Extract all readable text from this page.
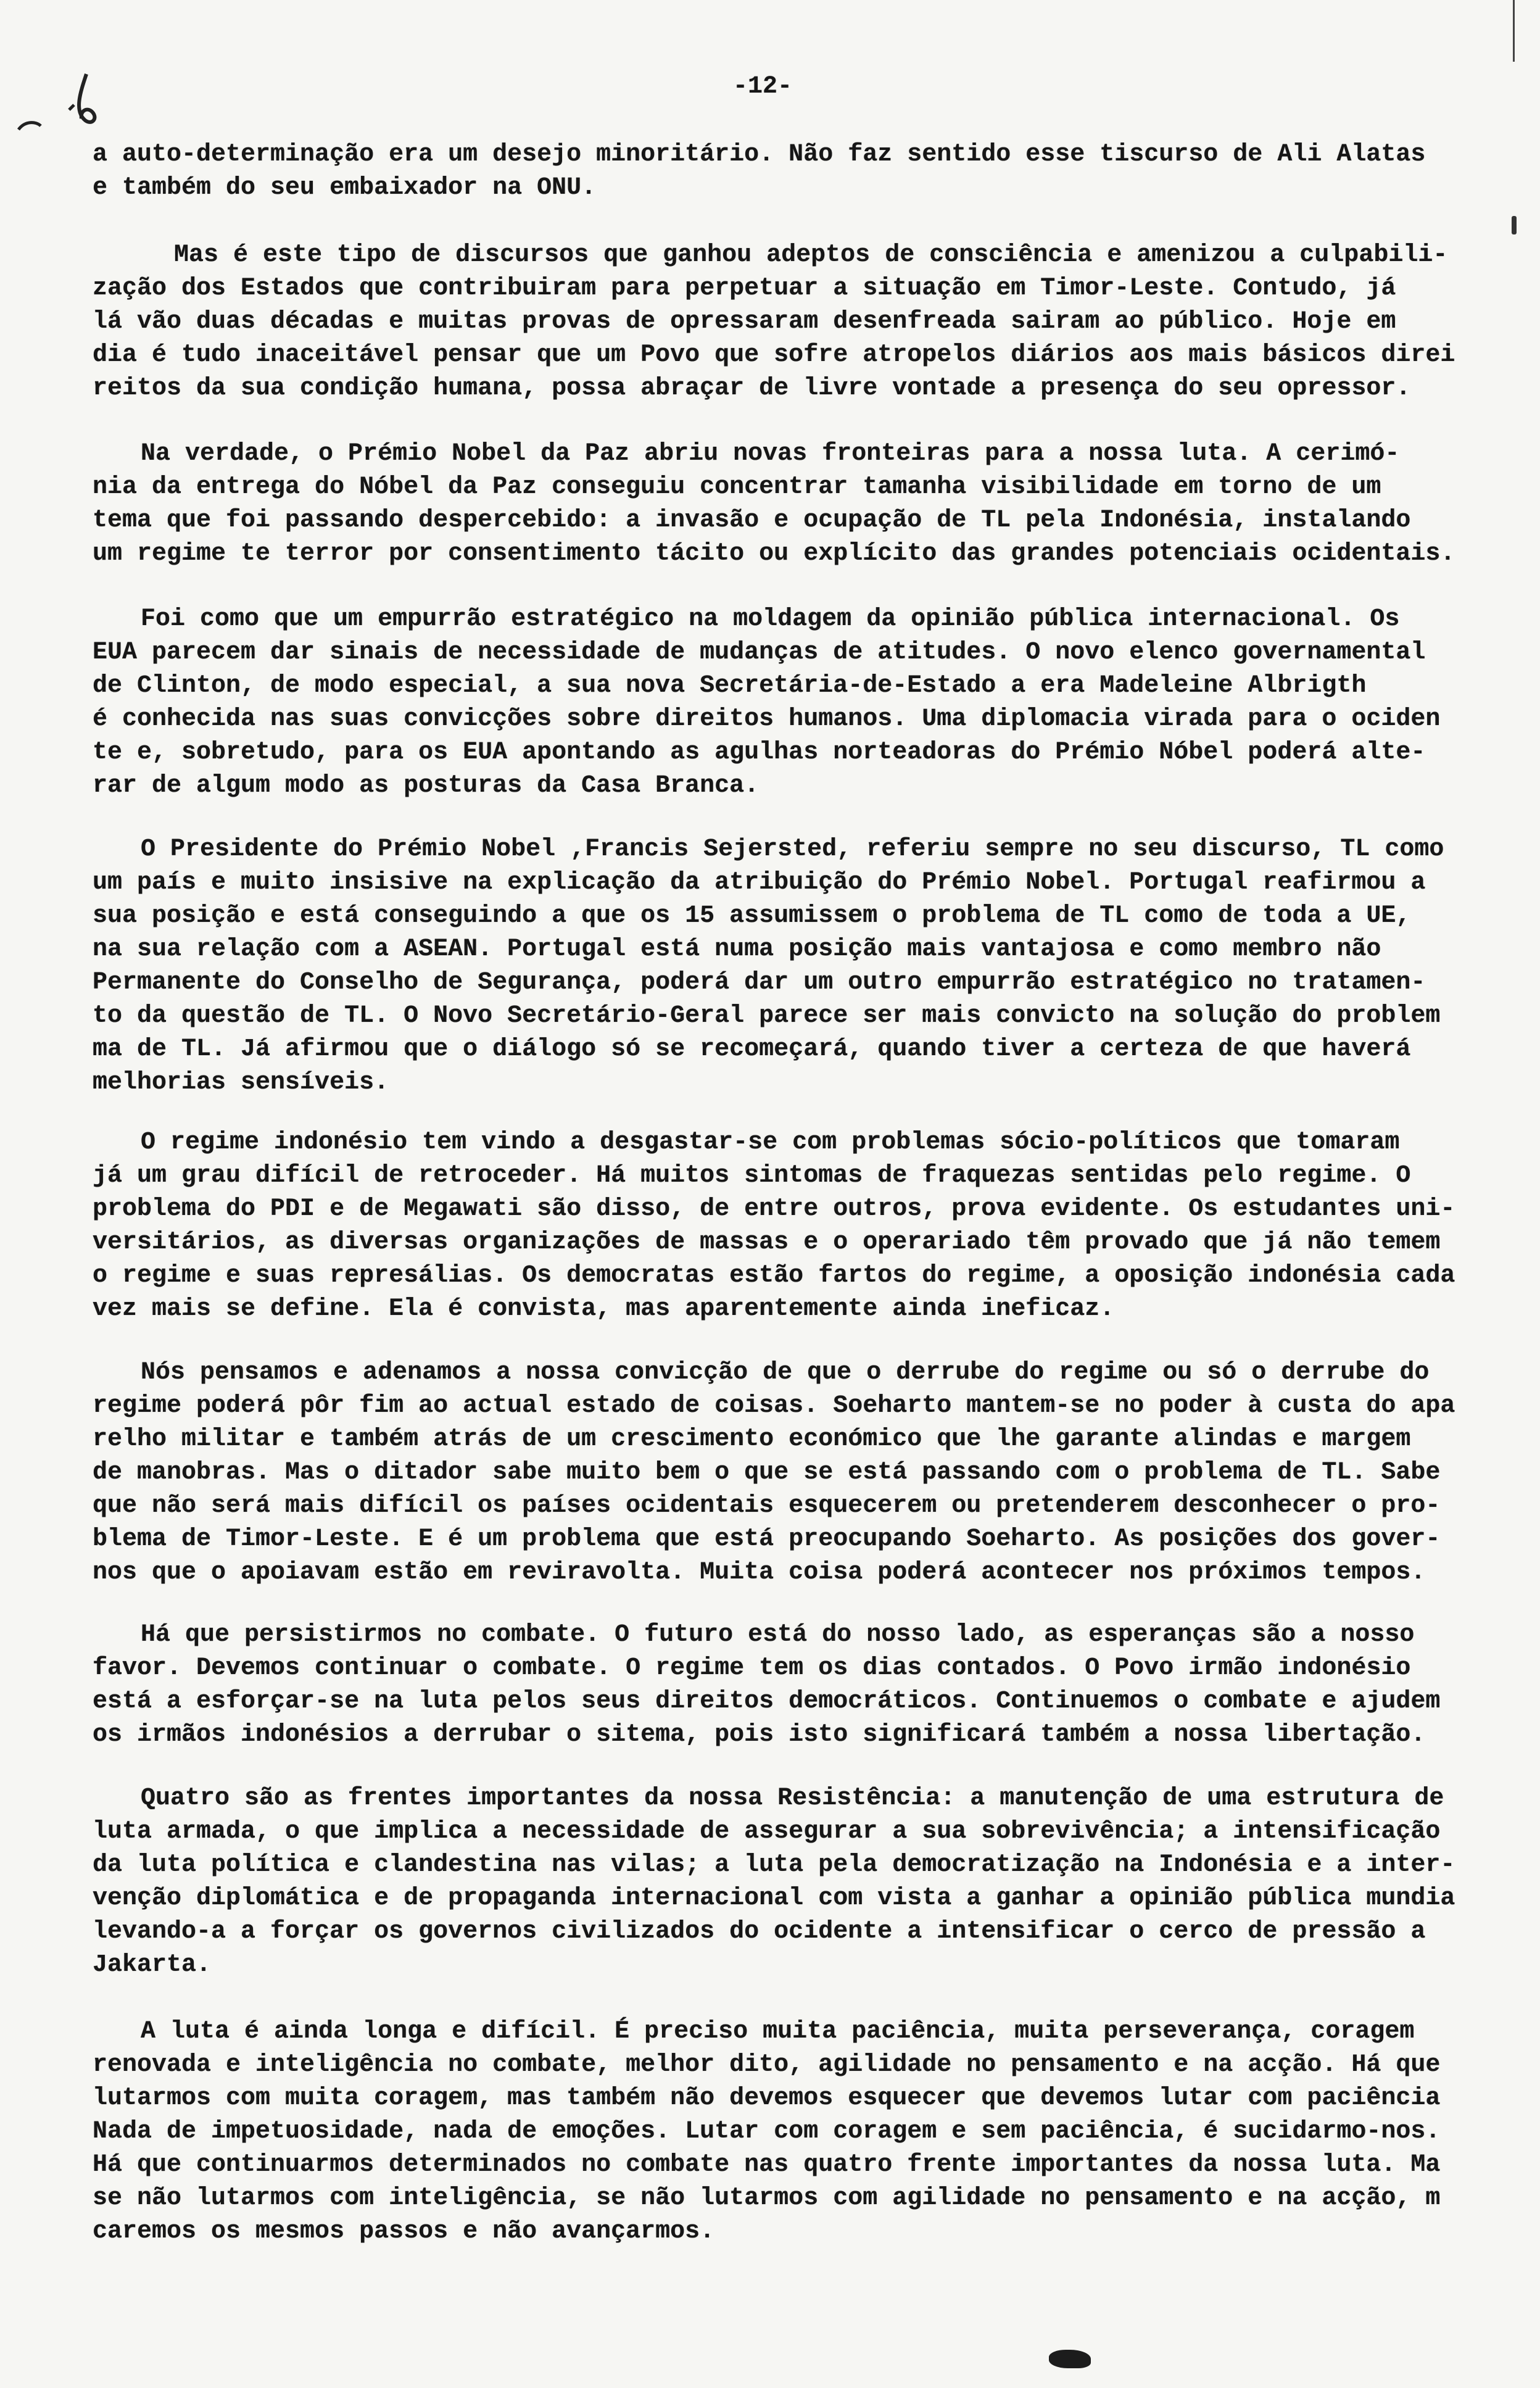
-12-
a auto-determinação era um desejo minoritário. Não faz sentido esse tiscurso de Ali Alatas
e também do seu embaixador na ONU.
Mas é este tipo de discursos que ganhou adeptos de consciência e amenizou a culpabili-
zação dos Estados que contribuiram para perpetuar a situação em Timor-Leste. Contudo, já
lá vão duas décadas e muitas provas de opressaram desenfreada sairam ao público. Hoje em
dia é tudo inaceitável pensar que um Povo que sofre atropelos diários aos mais básicos direi
reitos da sua condição humana, possa abraçar de livre vontade a presença do seu opressor.
Na verdade, o Prémio Nobel da Paz abriu novas fronteiras para a nossa luta. A cerimó-
nia da entrega do Nóbel da Paz conseguiu concentrar tamanha visibilidade em torno de um
tema que foi passando despercebido: a invasão e ocupação de TL pela Indonésia, instalando
um regime te terror por consentimento tácito ou explícito das grandes potenciais ocidentais.
Foi como que um empurrão estratégico na moldagem da opinião pública internacional. Os
EUA parecem dar sinais de necessidade de mudanças de atitudes. O novo elenco governamental
de Clinton, de modo especial, a sua nova Secretária-de-Estado a era Madeleine Albrigth
é conhecida nas suas convicções sobre direitos humanos. Uma diplomacia virada para o ociden
te e, sobretudo, para os EUA apontando as agulhas norteadoras do Prémio Nóbel poderá alte-
rar de algum modo as posturas da Casa Branca.
O Presidente do Prémio Nobel ,Francis Sejersted, referiu sempre no seu discurso, TL como
um país e muito insisive na explicação da atribuição do Prémio Nobel. Portugal reafirmou a
sua posição e está conseguindo a que os 15 assumissem o problema de TL como de toda a UE,
na sua relação com a ASEAN. Portugal está numa posição mais vantajosa e como membro não
Permanente do Conselho de Segurança, poderá dar um outro empurrão estratégico no tratamen-
to da questão de TL. O Novo Secretário-Geral parece ser mais convicto na solução do problem
ma de TL. Já afirmou que o diálogo só se recomeçará, quando tiver a certeza de que haverá
melhorias sensíveis.
O regime indonésio tem vindo a desgastar-se com problemas sócio-políticos que tomaram
já um grau difícil de retroceder. Há muitos sintomas de fraquezas sentidas pelo regime. O
problema do PDI e de Megawati são disso, de entre outros, prova evidente. Os estudantes uni-
versitários, as diversas organizações de massas e o operariado têm provado que já não temem
o regime e suas represálias. Os democratas estão fartos do regime, a oposição indonésia cada
vez mais se define. Ela é convista, mas aparentemente ainda ineficaz.
Nós pensamos e adenamos a nossa convicção de que o derrube do regime ou só o derrube do
regime poderá pôr fim ao actual estado de coisas. Soeharto mantem-se no poder à custa do apa
relho militar e também atrás de um crescimento económico que lhe garante alindas e margem
de manobras. Mas o ditador sabe muito bem o que se está passando com o problema de TL. Sabe
que não será mais difícil os países ocidentais esquecerem ou pretenderem desconhecer o pro-
blema de Timor-Leste. E é um problema que está preocupando Soeharto. As posições dos gover-
nos que o apoiavam estão em reviravolta. Muita coisa poderá acontecer nos próximos tempos.
Há que persistirmos no combate. O futuro está do nosso lado, as esperanças são a nosso
favor. Devemos continuar o combate. O regime tem os dias contados. O Povo irmão indonésio
está a esforçar-se na luta pelos seus direitos democráticos. Continuemos o combate e ajudem
os irmãos indonésios a derrubar o sitema, pois isto significará também a nossa libertação.
Quatro são as frentes importantes da nossa Resistência: a manutenção de uma estrutura de
luta armada, o que implica a necessidade de assegurar a sua sobrevivência; a intensificação
da luta política e clandestina nas vilas; a luta pela democratização na Indonésia e a inter-
venção diplomática e de propaganda internacional com vista a ganhar a opinião pública mundia
levando-a a forçar os governos civilizados do ocidente a intensificar o cerco de pressão a
Jakarta.
A luta é ainda longa e difícil. É preciso muita paciência, muita perseverança, coragem
renovada e inteligência no combate, melhor dito, agilidade no pensamento e na acção. Há que
lutarmos com muita coragem, mas também não devemos esquecer que devemos lutar com paciência
Nada de impetuosidade, nada de emoções. Lutar com coragem e sem paciência, é sucidarmo-nos.
Há que continuarmos determinados no combate nas quatro frente importantes da nossa luta. Ma
se não lutarmos com inteligência, se não lutarmos com agilidade no pensamento e na acção, m
caremos os mesmos passos e não avançarmos.
